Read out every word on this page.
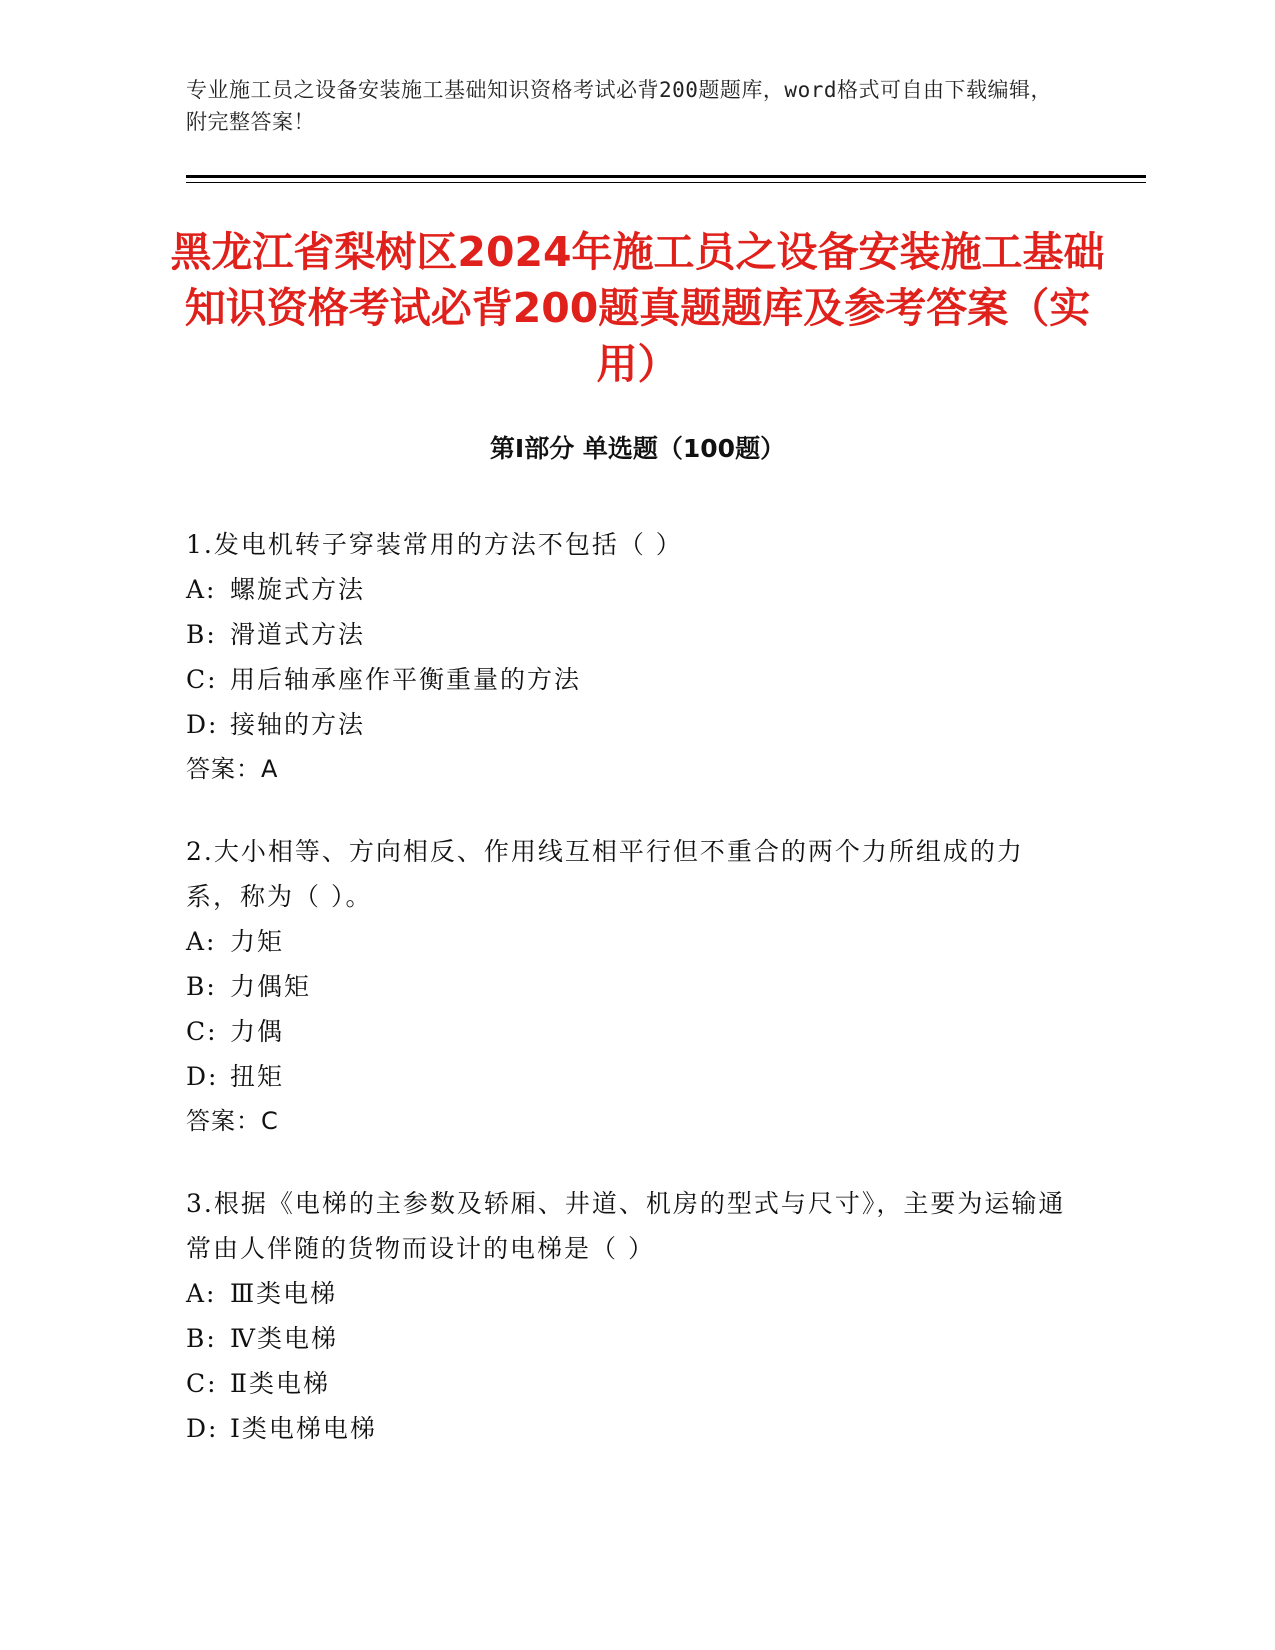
专业施工员之设备安装施工基础知识资格考试必背200题题库，word格式可自由下载编辑，附完整答案！
黑龙江省梨树区2024年施工员之设备安装施工基础知识资格考试必背200题真题题库及参考答案（实用）
第Ⅰ部分 单选题（100题）
1.发电机转子穿装常用的方法不包括（ ）
A: 螺旋式方法
B: 滑道式方法
C: 用后轴承座作平衡重量的方法
D: 接轴的方法
答案：A
2.大小相等、方向相反、作用线互相平行但不重合的两个力所组成的力系，称为（ ）。
A: 力矩
B: 力偶矩
C: 力偶
D: 扭矩
答案：C
3.根据《电梯的主参数及轿厢、井道、机房的型式与尺寸》，主要为运输通常由人伴随的货物而设计的电梯是（ ）
A: Ⅲ类电梯
B: Ⅳ类电梯
C: Ⅱ类电梯
D: Ⅰ类电梯电梯
